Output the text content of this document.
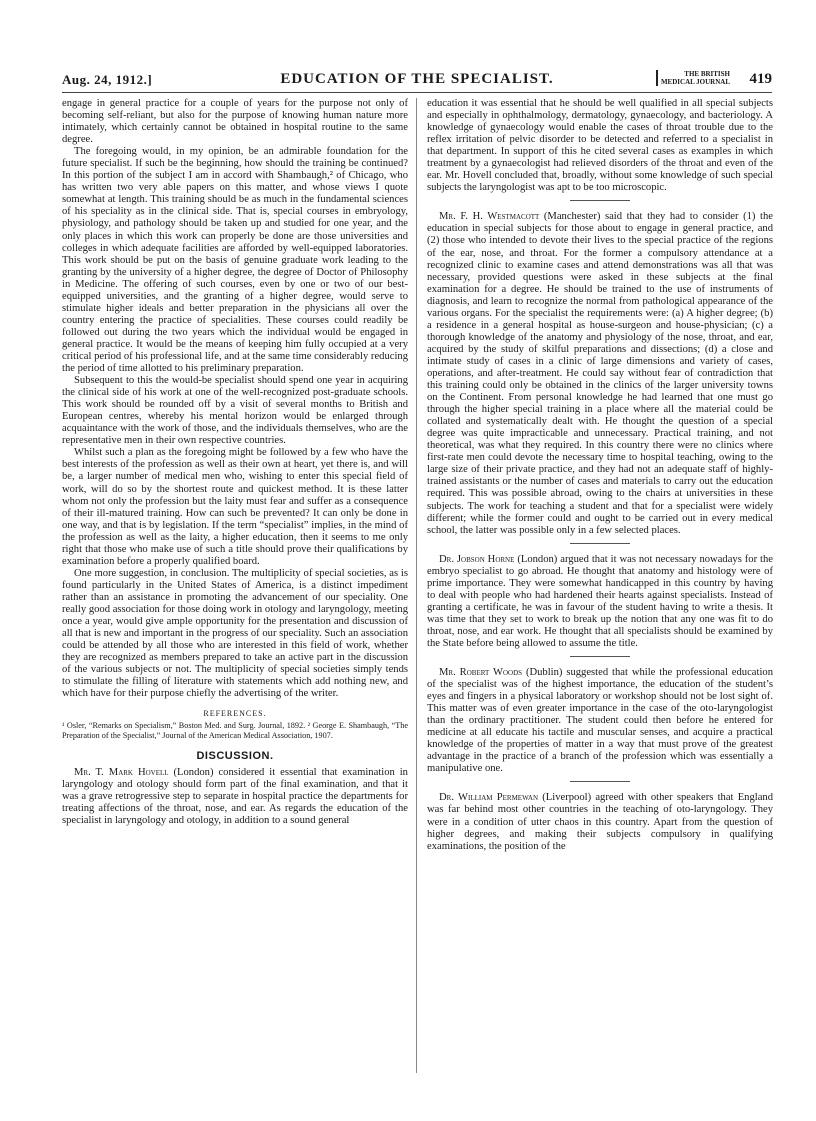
Aug. 24, 1912.]	EDUCATION OF THE SPECIALIST.	THE BRITISH
MEDICAL JOURNAL 419

engage in general practice for a couple of years for the purpose not only of becoming self-reliant, but also for the purpose of knowing human nature more intimately, which certainly cannot be obtained in hospital routine to the same degree.

The foregoing would, in my opinion, be an admirable foundation for the future specialist. If such be the beginning, how should the training be continued? In this portion of the subject I am in accord with Shambaugh,² of Chicago, who has written two very able papers on this matter, and whose views I quote somewhat at length. This training should be as much in the fundamental sciences of his speciality as in the clinical side. That is, special courses in embryology, physiology, and pathology should be taken up and studied for one year, and the only places in which this work can properly be done are those universities and colleges in which adequate facilities are afforded by well-equipped laboratories. This work should be put on the basis of genuine graduate work leading to the granting by the university of a higher degree, the degree of Doctor of Philosophy in Medicine. The offering of such courses, even by one or two of our best-equipped universities, and the granting of a higher degree, would serve to stimulate higher ideals and better preparation in the physicians all over the country entering the practice of specialities. These courses could readily be followed out during the two years which the individual would be engaged in general practice. It would be the means of keeping him fully occupied at a very critical period of his professional life, and at the same time considerably reducing the period of time allotted to his preliminary preparation.

Subsequent to this the would-be specialist should spend one year in acquiring the clinical side of his work at one of the well-recognized post-graduate schools. This work should be rounded off by a visit of several months to British and European centres, whereby his mental horizon would be enlarged through acquaintance with the work of those, and the individuals themselves, who are the representative men in their own respective countries.

Whilst such a plan as the foregoing might be followed by a few who have the best interests of the profession as well as their own at heart, yet there is, and will be, a larger number of medical men who, wishing to enter this special field of work, will do so by the shortest route and quickest method. It is these latter whom not only the profession but the laity must fear and suffer as a consequence of their ill-matured training. How can such be prevented? It can only be done in one way, and that is by legislation. If the term “specialist” implies, in the mind of the profession as well as the laity, a higher education, then it seems to me only right that those who make use of such a title should prove their qualifications by examination before a properly qualified board.

One more suggestion, in conclusion. The multiplicity of special societies, as is found particularly in the United States of America, is a distinct impediment rather than an assistance in promoting the advancement of our speciality. One really good association for those doing work in otology and laryngology, meeting once a year, would give ample opportunity for the presentation and discussion of all that is new and important in the progress of our speciality. Such an association could be attended by all those who are interested in this field of work, whether they are recognized as members prepared to take an active part in the discussion of the various subjects or not. The multiplicity of special societies simply tends to stimulate the filling of literature with statements which add nothing new, and which have for their purpose chiefly the advertising of the writer.

REFERENCES.
¹ Osler, “Remarks on Specialism,” Boston Med. and Surg. Journal, 1892. ² George E. Shambaugh, “The Preparation of the Specialist,” Journal of the American Medical Association, 1907.
DISCUSSION.

Mr. T. Mark Hovell (London) considered it essential that examination in laryngology and otology should form part of the final examination, and that it was a grave retrogressive step to separate in hospital practice the departments for treating affections of the throat, nose, and ear. As regards the education of the specialist in laryngology and otology, in addition to a sound general

education it was essential that he should be well qualified in all special subjects and especially in ophthalmology, dermatology, gynaecology, and bacteriology. A knowledge of gynaecology would enable the cases of throat trouble due to the reflex irritation of pelvic disorder to be detected and referred to a specialist in that department. In support of this he cited several cases as examples in which treatment by a gynaecologist had relieved disorders of the throat and even of the ear. Mr. Hovell concluded that, broadly, without some knowledge of such special subjects the laryngologist was apt to be too microscopic.

Mr. F. H. Westmacott (Manchester) said that they had to consider (1) the education in special subjects for those about to engage in general practice, and (2) those who intended to devote their lives to the special practice of the regions of the ear, nose, and throat. For the former a compulsory attendance at a recognized clinic to examine cases and attend demonstrations was all that was necessary, provided questions were asked in these subjects at the final examination for a degree. He should be trained to the use of instruments of diagnosis, and learn to recognize the normal from pathological appearance of the various organs. For the specialist the requirements were: (a) A higher degree; (b) a residence in a general hospital as house-surgeon and house-physician; (c) a thorough knowledge of the anatomy and physiology of the nose, throat, and ear, acquired by the study of skilful preparations and dissections; (d) a close and intimate study of cases in a clinic of large dimensions and variety of cases, operations, and after-treatment. He could say without fear of contradiction that this training could only be obtained in the clinics of the larger university towns on the Continent. From personal knowledge he had learned that one must go through the higher special training in a place where all the material could be collated and systematically dealt with. He thought the question of a special degree was quite impracticable and unnecessary. Practical training, and not theoretical, was what they required. In this country there were no clinics where first-rate men could devote the necessary time to hospital teaching, owing to the large size of their private practice, and they had not an adequate staff of highly-trained assistants or the number of cases and materials to carry out the education required. This was possible abroad, owing to the chairs at universities in these subjects. The work for teaching a student and that for a specialist were widely different; while the former could and ought to be carried out in every medical school, the latter was possible only in a few selected places.

Dr. Jobson Horne (London) argued that it was not necessary nowadays for the embryo specialist to go abroad. He thought that anatomy and histology were of prime importance. They were somewhat handicapped in this country by having to deal with people who had hardened their hearts against specialists. Instead of granting a certificate, he was in favour of the student having to write a thesis. It was time that they set to work to break up the notion that any one was fit to do throat, nose, and ear work. He thought that all specialists should be examined by the State before being allowed to assume the title.

Mr. Robert Woods (Dublin) suggested that while the professional education of the specialist was of the highest importance, the education of the student’s eyes and fingers in a physical laboratory or workshop should not be lost sight of. This matter was of even greater importance in the case of the oto-laryngologist than the ordinary practitioner. The student could then before he entered for medicine at all educate his tactile and muscular senses, and acquire a practical knowledge of the properties of matter in a way that must prove of the greatest advantage in the practice of a branch of the profession which was essentially a manipulative one.

Dr. William Permewan (Liverpool) agreed with other speakers that England was far behind most other countries in the teaching of oto-laryngology. They were in a condition of utter chaos in this country. Apart from the question of higher degrees, and making their subjects compulsory in qualifying examinations, the position of the
